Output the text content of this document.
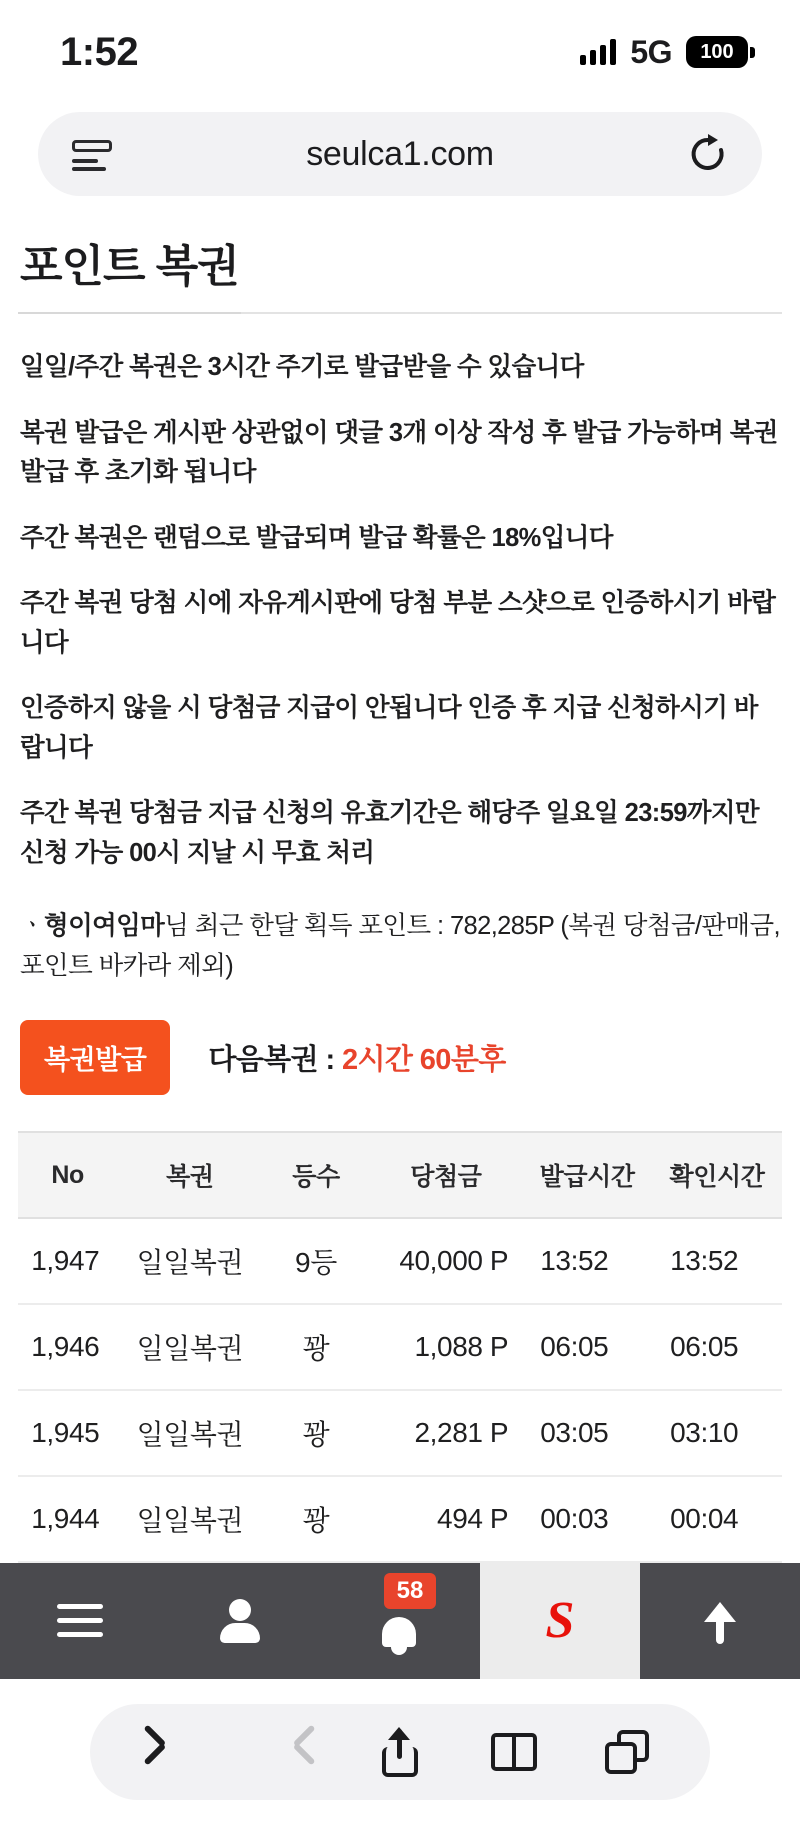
1:52	5G	100
seulca1.com
포인트 복권

일일/주간 복권은 3시간 주기로 발급받을 수 있습니다

복권 발급은 게시판 상관없이 댓글 3개 이상 작성 후 발급 가능하며 복권 발급 후 초기화 됩니다

주간 복권은 랜덤으로 발급되며 발급 확률은 18%입니다

주간 복권 당첨 시에 자유게시판에 당첨 부분 스샷으로 인증하시기 바랍니다

인증하지 않을 시 당첨금 지급이 안됩니다 인증 후 지급 신청하시기 바랍니다

주간 복권 당첨금 지급 신청의 유효기간은 해당주 일요일 23:59까지만 신청 가능 00시 지날 시 무효 처리

ㆍ형이여임마님 최근 한달 획득 포인트 : 782,285P (복권 당첨금/판매금, 포인트 바카라 제외)

복권발급	다음복권 : 2시간 60분후
No	복권	등수	당첨금	발급시간	확인시간
1,947	일일복권	9등	40,000 P	13:52	13:52
1,946	일일복권	꽝	1,088 P	06:05	06:05
1,945	일일복권	꽝	2,281 P	03:05	03:10
1,944	일일복권	꽝	494 P	00:03	00:04
58
S
